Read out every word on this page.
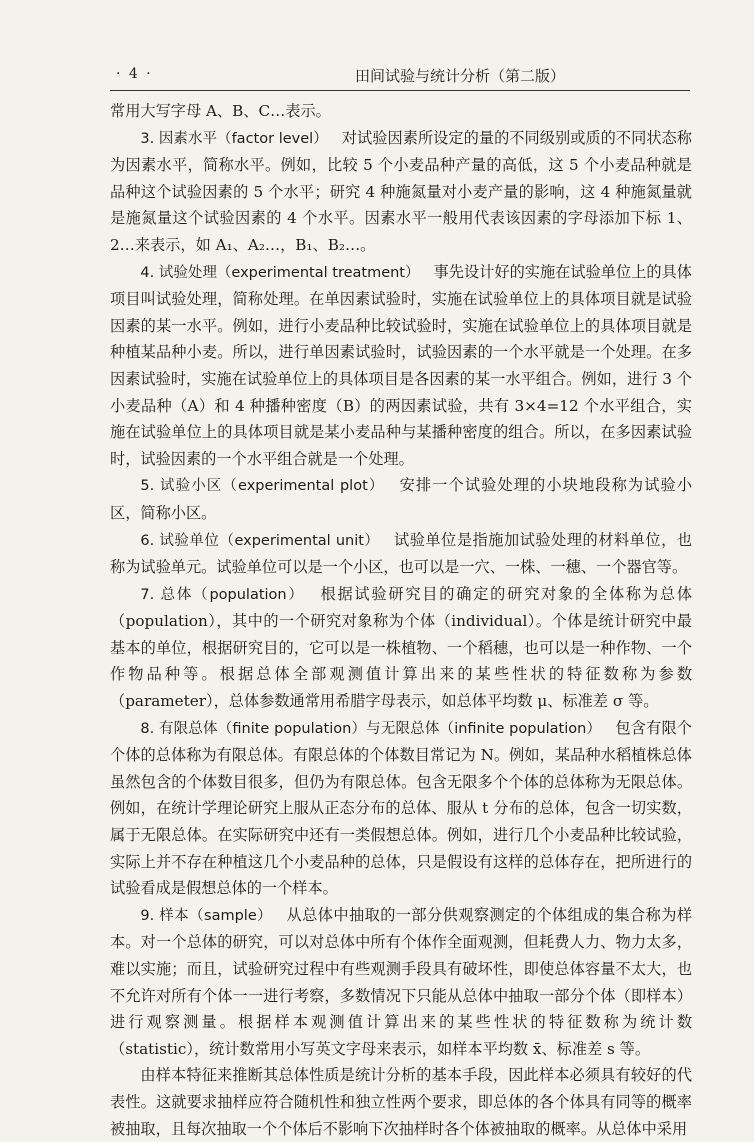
· 4 ·	田间试验与统计分析（第二版）

常用大写字母 A、B、C…表示。

3. 因素水平（factor level） 对试验因素所设定的量的不同级别或质的不同状态称为因素水平，简称水平。例如，比较 5 个小麦品种产量的高低，这 5 个小麦品种就是品种这个试验因素的 5 个水平；研究 4 种施氮量对小麦产量的影响，这 4 种施氮量就是施氮量这个试验因素的 4 个水平。因素水平一般用代表该因素的字母添加下标 1、2…来表示，如 A₁、A₂…，B₁、B₂…。

4. 试验处理（experimental treatment） 事先设计好的实施在试验单位上的具体项目叫试验处理，简称处理。在单因素试验时，实施在试验单位上的具体项目就是试验因素的某一水平。例如，进行小麦品种比较试验时，实施在试验单位上的具体项目就是种植某品种小麦。所以，进行单因素试验时，试验因素的一个水平就是一个处理。在多因素试验时，实施在试验单位上的具体项目是各因素的某一水平组合。例如，进行 3 个小麦品种（A）和 4 种播种密度（B）的两因素试验，共有 3×4=12 个水平组合，实施在试验单位上的具体项目就是某小麦品种与某播种密度的组合。所以，在多因素试验时，试验因素的一个水平组合就是一个处理。

5. 试验小区（experimental plot） 安排一个试验处理的小块地段称为试验小区，简称小区。

6. 试验单位（experimental unit） 试验单位是指施加试验处理的材料单位，也称为试验单元。试验单位可以是一个小区，也可以是一穴、一株、一穗、一个器官等。

7. 总体（population） 根据试验研究目的确定的研究对象的全体称为总体（population），其中的一个研究对象称为个体（individual）。个体是统计研究中最基本的单位，根据研究目的，它可以是一株植物、一个稻穗，也可以是一种作物、一个作物品种等。根据总体全部观测值计算出来的某些性状的特征数称为参数（parameter），总体参数通常用希腊字母表示，如总体平均数 μ、标准差 σ 等。

8. 有限总体（finite population）与无限总体（infinite population） 包含有限个个体的总体称为有限总体。有限总体的个体数目常记为 N。例如，某品种水稻植株总体虽然包含的个体数目很多，但仍为有限总体。包含无限多个个体的总体称为无限总体。例如，在统计学理论研究上服从正态分布的总体、服从 t 分布的总体，包含一切实数，属于无限总体。在实际研究中还有一类假想总体。例如，进行几个小麦品种比较试验，实际上并不存在种植这几个小麦品种的总体，只是假设有这样的总体存在，把所进行的试验看成是假想总体的一个样本。

9. 样本（sample） 从总体中抽取的一部分供观察测定的个体组成的集合称为样本。对一个总体的研究，可以对总体中所有个体作全面观测，但耗费人力、物力太多，难以实施；而且，试验研究过程中有些观测手段具有破坏性，即使总体容量不太大，也不允许对所有个体一一进行考察，多数情况下只能从总体中抽取一部分个体（即样本）进行观察测量。根据样本观测值计算出来的某些性状的特征数称为统计数（statistic），统计数常用小写英文字母来表示，如样本平均数 x̄、标准差 s 等。

由样本特征来推断其总体性质是统计分析的基本手段，因此样本必须具有较好的代表性。这就要求抽样应符合随机性和独立性两个要求，即总体的各个体具有同等的概率被抽取，且每次抽取一个个体后不影响下次抽样时各个体被抽取的概率。从总体中采用
